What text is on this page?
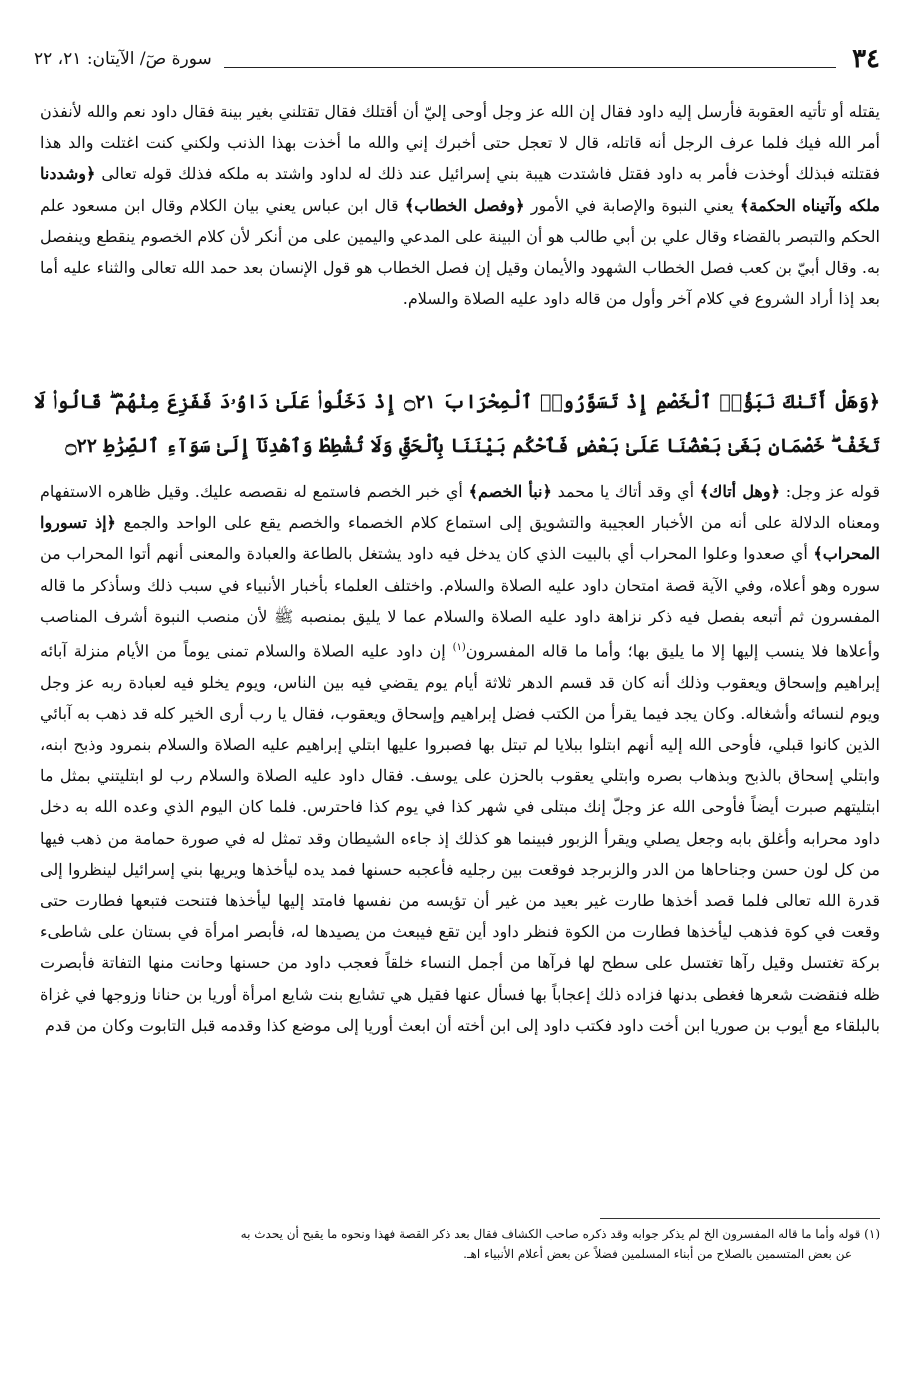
٣٤
سورة صٓ/ الآيتان: ٢١، ٢٢

يقتله أو تأتيه العقوبة فأرسل إليه داود فقال إن الله عز وجل أوحى إليّ أن أقتلك فقال تقتلني بغير بينة فقال داود نعم والله لأنفذن أمر الله فيك فلما عرف الرجل أنه قاتله، قال لا تعجل حتى أخبرك إني والله ما أخذت بهذا الذنب ولكني كنت اغتلت والد هذا فقتلته فبذلك أوخذت فأمر به داود فقتل فاشتدت هيبة بني إسرائيل عند ذلك له لداود واشتد به ملكه فذلك قوله تعالى ﴿وشددنا ملكه وآتيناه الحكمة﴾ يعني النبوة والإصابة في الأمور ﴿وفصل الخطاب﴾ قال ابن عباس يعني بيان الكلام وقال ابن مسعود علم الحكم والتبصر بالقضاء وقال علي بن أبي طالب هو أن البينة على المدعي واليمين على من أنكر لأن كلام الخصوم ينقطع وينفصل به. وقال أبيّ بن كعب فصل الخطاب الشهود والأيمان وقيل إن فصل الخطاب هو قول الإنسان بعد حمد الله تعالى والثناء عليه أما بعد إذا أراد الشروع في كلام آخر وأول من قاله داود عليه الصلاة والسلام.

﴿وَهَلْ أَتَىٰكَ نَبَؤُا۟ ٱلْخَصْمِ إِذْ تَسَوَّرُوا۟ ٱلْمِحْرَابَ ۝٢١ إِذْ دَخَلُوا۟ عَلَىٰ دَاوُۥدَ فَفَزِعَ مِنْهُمْ ۖ قَالُوا۟ لَا تَخَفْ ۖ خَصْمَانِ بَغَىٰ بَعْضُنَا عَلَىٰ بَعْضٍ فَٱحْكُم بَيْنَنَا بِٱلْحَقِّ وَلَا تُشْطِطْ وَٱهْدِنَآ إِلَىٰ سَوَآءِ ٱلصِّرَٰطِ ۝٢٢

قوله عز وجل: ﴿وهل أتاك﴾ أي وقد أتاك يا محمد ﴿نبأ الخصم﴾ أي خبر الخصم فاستمع له نقصصه عليك. وقيل ظاهره الاستفهام ومعناه الدلالة على أنه من الأخبار العجيبة والتشويق إلى استماع كلام الخصماء والخصم يقع على الواحد والجمع ﴿إذ تسوروا المحراب﴾ أي صعدوا وعلوا المحراب أي بالبيت الذي كان يدخل فيه داود يشتغل بالطاعة والعبادة والمعنى أنهم أتوا المحراب من سوره وهو أعلاه، وفي الآية قصة امتحان داود عليه الصلاة والسلام. واختلف العلماء بأخبار الأنبياء في سبب ذلك وسأذكر ما قاله المفسرون ثم أتبعه بفصل فيه ذكر نزاهة داود عليه الصلاة والسلام عما لا يليق بمنصبه ﷺ لأن منصب النبوة أشرف المناصب وأعلاها فلا ينسب إليها إلا ما يليق بها؛ وأما ما قاله المفسرون$^{(١)}$ إن داود عليه الصلاة والسلام تمنى يوماً من الأيام منزلة آبائه إبراهيم وإسحاق ويعقوب وذلك أنه كان قد قسم الدهر ثلاثة أيام يوم يقضي فيه بين الناس، ويوم يخلو فيه لعبادة ربه عز وجل ويوم لنسائه وأشغاله. وكان يجد فيما يقرأ من الكتب فضل إبراهيم وإسحاق ويعقوب، فقال يا رب أرى الخير كله قد ذهب به آبائي الذين كانوا قبلي، فأوحى الله إليه أنهم ابتلوا ببلايا لم تبتل بها فصبروا عليها ابتلي إبراهيم عليه الصلاة والسلام بنمرود وذبح ابنه، وابتلي إسحاق بالذبح وبذهاب بصره وابتلي يعقوب بالحزن على يوسف. فقال داود عليه الصلاة والسلام رب لو ابتليتني بمثل ما ابتليتهم صبرت أيضاً فأوحى الله عز وجلّ إنك مبتلى في شهر كذا في يوم كذا فاحترس. فلما كان اليوم الذي وعده الله به دخل داود محرابه وأغلق بابه وجعل يصلي ويقرأ الزبور فبينما هو كذلك إذ جاءه الشيطان وقد تمثل له في صورة حمامة من ذهب فيها من كل لون حسن وجناحاها من الدر والزبرجد فوقعت بين رجليه فأعجبه حسنها فمد يده ليأخذها ويريها بني إسرائيل لينظروا إلى قدرة الله تعالى فلما قصد أخذها طارت غير بعيد من غير أن تؤيسه من نفسها فامتد إليها ليأخذها فتنحت فتبعها فطارت حتى وقعت في كوة فذهب ليأخذها فطارت من الكوة فنظر داود أين تقع فيبعث من يصيدها له، فأبصر امرأة في بستان على شاطىء بركة تغتسل وقيل رآها تغتسل على سطح لها فرآها من أجمل النساء خلقاً فعجب داود من حسنها وحانت منها التفاتة فأبصرت ظله فنقضت شعرها فغطى بدنها فزاده ذلك إعجاباً بها فسأل عنها فقيل هي تشايع بنت شايع امرأة أوريا بن حنانا وزوجها في غزاة بالبلقاء مع أيوب بن صوريا ابن أخت داود فكتب داود إلى ابن أخته أن ابعث أوريا إلى موضع كذا وقدمه قبل التابوت وكان من قدم

(١) قوله وأما ما قاله المفسرون الخ لم يذكر جوابه وقد ذكره صاحب الكشاف فقال بعد ذكر القصة فهذا ونحوه ما يقبح أن يحدث به
عن بعض المتسمين بالصلاح من أبناء المسلمين فضلاً عن بعض أعلام الأنبياء اهـ.
